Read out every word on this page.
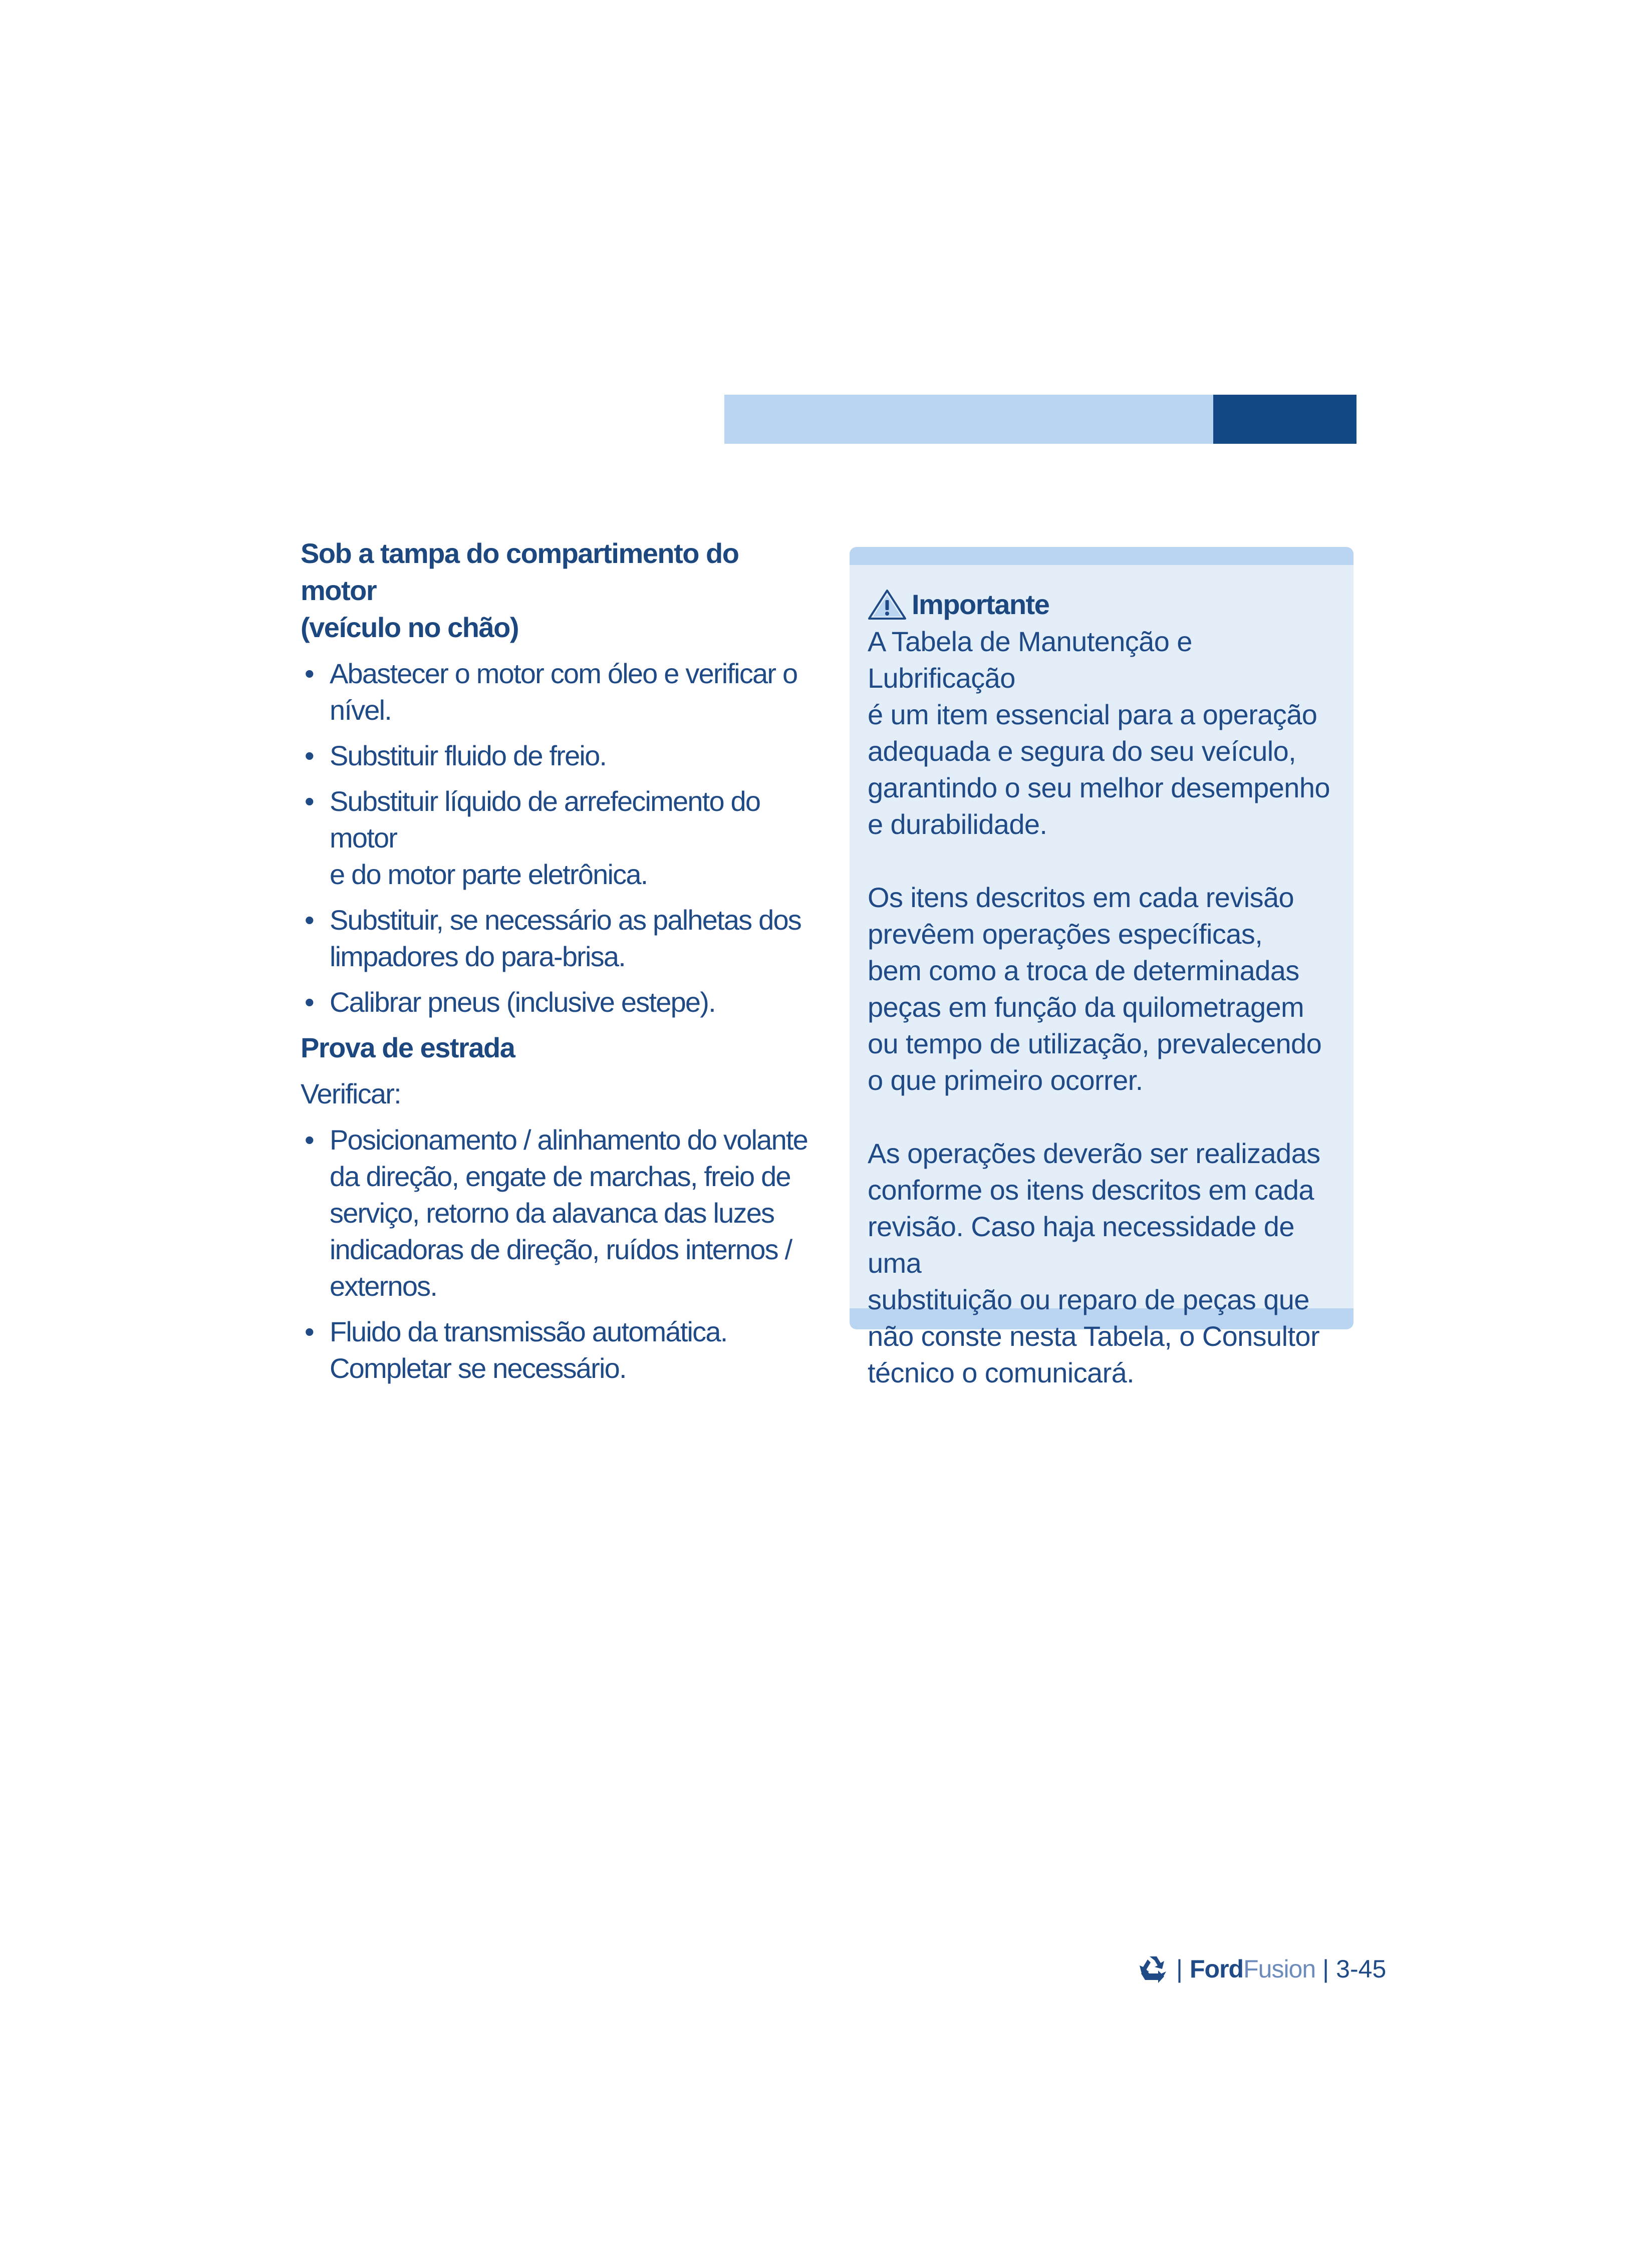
Sob a tampa do compartimento do motor
(veículo no chão)
• Abastecer o motor com óleo e verificar o
nível.
• Substituir fluido de freio.
• Substituir líquido de arrefecimento do motor
e do motor parte eletrônica.
• Substituir, se necessário as palhetas dos
limpadores do para-brisa.
• Calibrar pneus (inclusive estepe).
Prova de estrada
Verificar:
• Posicionamento / alinhamento do volante
da direção, engate de marchas, freio de
serviço, retorno da alavanca das luzes
indicadoras de direção, ruídos internos /
externos.
• Fluido da transmissão automática.
Completar se necessário.
Importante
A Tabela de Manutenção e Lubrificação
é um item essencial para a operação
adequada e segura do seu veículo,
garantindo o seu melhor desempenho
e durabilidade.
Os itens descritos em cada revisão
prevêem operações específicas,
bem como a troca de determinadas
peças em função da quilometragem
ou tempo de utilização, prevalecendo
o que primeiro ocorrer.
As operações deverão ser realizadas
conforme os itens descritos em cada
revisão. Caso haja necessidade de uma
substituição ou reparo de peças que
não conste nesta Tabela, o Consultor
técnico o comunicará.
| Ford Fusion | 3-45
